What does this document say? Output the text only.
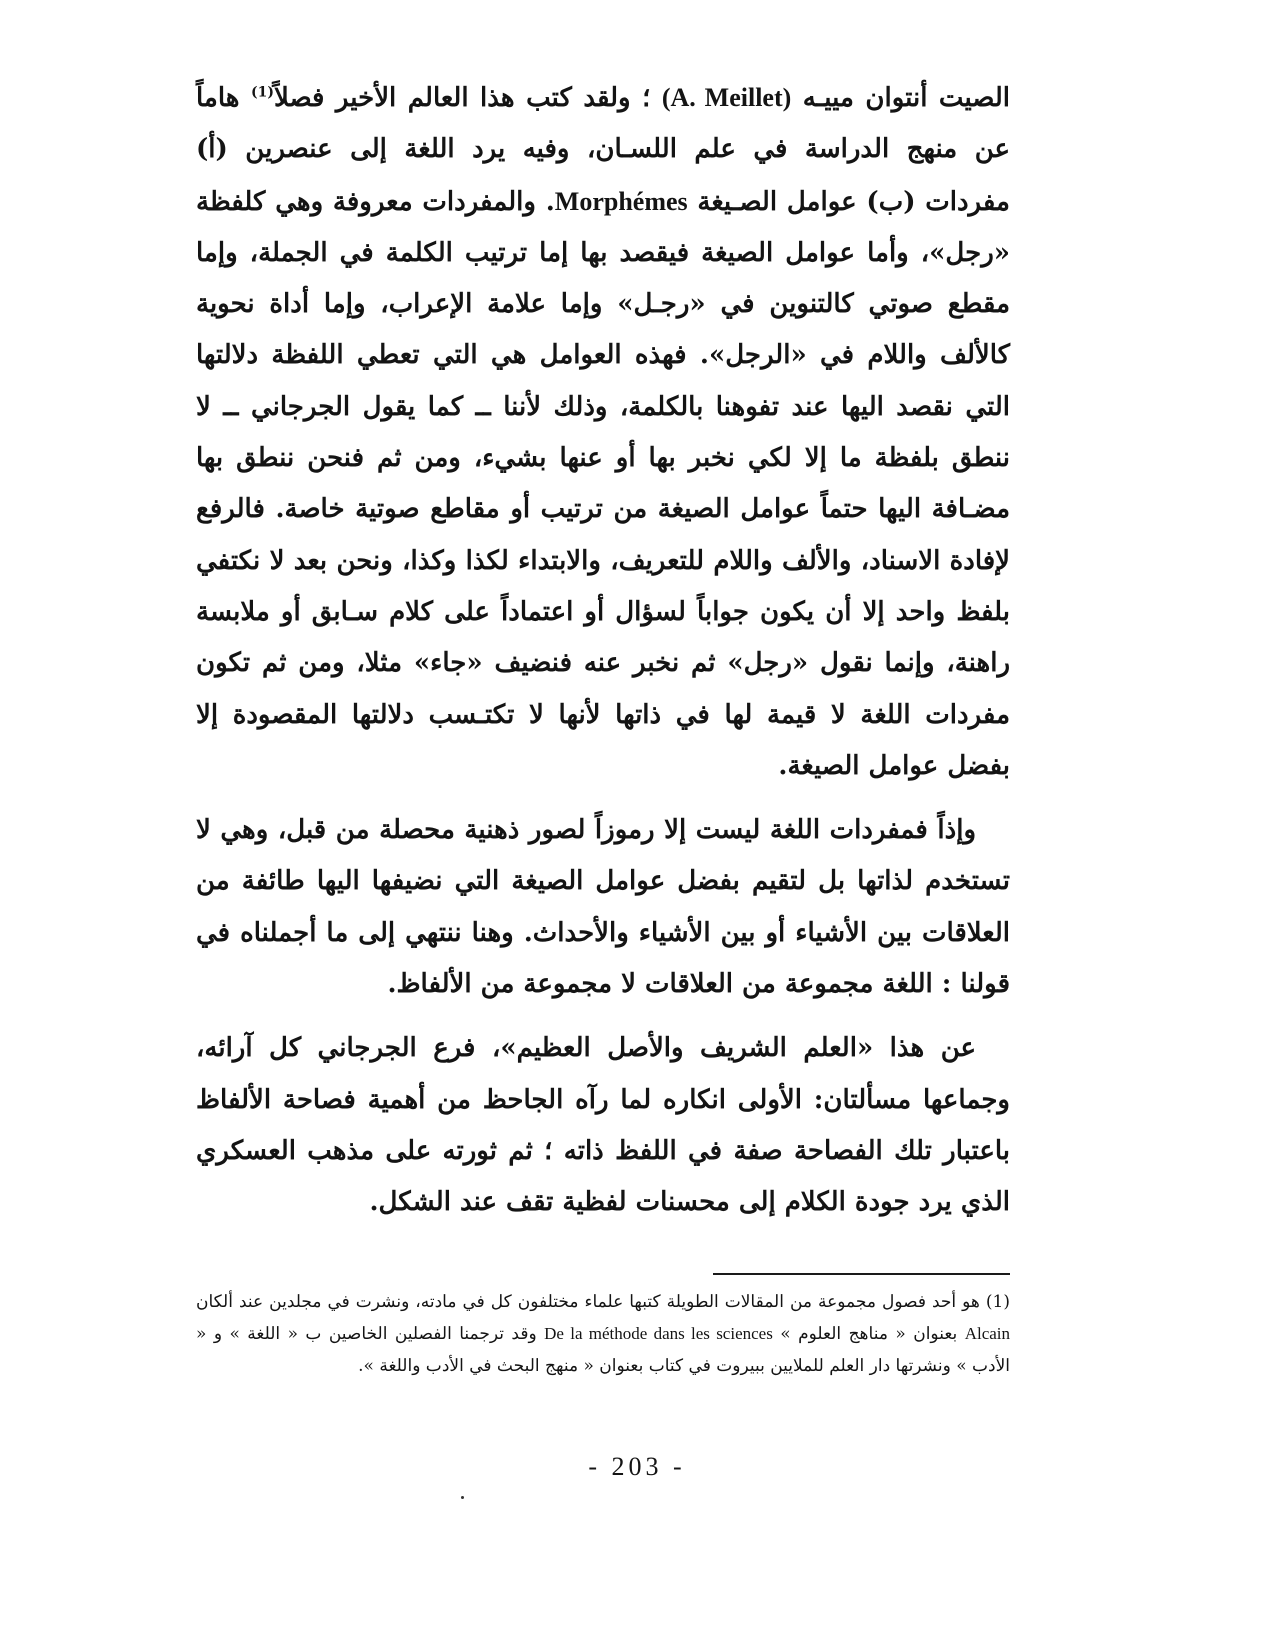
الصيت أنتوان مييـه (A. Meillet) ؛ ولقد كتب هذا العالم الأخير فصلاً$^{(1)}$ هاماً عن منهج الدراسة في علم اللسـان، وفيه يرد اللغة إلى عنصرين (أ) مفردات (ب) عوامل الصـيغة Morphémes. والمفردات معروفة وهي كلفظة «رجل»، وأما عوامل الصيغة فيقصد بها إما ترتيب الكلمة في الجملة، وإما مقطع صوتي كالتنوين في «رجـل» وإما علامة الإعراب، وإما أداة نحوية كالألف واللام في «الرجل». فهذه العوامل هي التي تعطي اللفظة دلالتها التي نقصد اليها عند تفوهنا بالكلمة، وذلك لأننا ــ كما يقول الجرجاني ــ لا ننطق بلفظة ما إلا لكي نخبر بها أو عنها بشيء، ومن ثم فنحن ننطق بها مضـافة اليها حتماً عوامل الصيغة من ترتيب أو مقاطع صوتية خاصة. فالرفع لإفادة الاسناد، والألف واللام للتعريف، والابتداء لكذا وكذا، ونحن بعد لا نكتفي بلفظ واحد إلا أن يكون جواباً لسؤال أو اعتماداً على كلام سـابق أو ملابسة راهنة، وإنما نقول «رجل» ثم نخبر عنه فنضيف «جاء» مثلا، ومن ثم تكون مفردات اللغة لا قيمة لها في ذاتها لأنها لا تكتـسب دلالتها المقصودة إلا بفضل عوامل الصيغة.

وإذاً فمفردات اللغة ليست إلا رموزاً لصور ذهنية محصلة من قبل، وهي لا تستخدم لذاتها بل لتقيم بفضل عوامل الصيغة التي نضيفها اليها طائفة من العلاقات بين الأشياء أو بين الأشياء والأحداث. وهنا ننتهي إلى ما أجملناه في قولنا : اللغة مجموعة من العلاقات لا مجموعة من الألفاظ.

عن هذا «العلم الشريف والأصل العظيم»، فرع الجرجاني كل آرائه، وجماعها مسألتان: الأولى انكاره لما رآه الجاحظ من أهمية فصاحة الألفاظ باعتبار تلك الفصاحة صفة في اللفظ ذاته ؛ ثم ثورته على مذهب العسكري الذي يرد جودة الكلام إلى محسنات لفظية تقف عند الشكل.

(1) هو أحد فصول مجموعة من المقالات الطويلة كتبها علماء مختلفون كل في مادته، ونشرت في مجلدين عند ألكان Alcain بعنوان « مناهج العلوم » De la méthode dans les sciences وقد ترجمنا الفصلين الخاصين ب « اللغة » و « الأدب » ونشرتها دار العلم للملايين ببيروت في كتاب بعنوان « منهج البحث في الأدب واللغة ».

- 203 -
